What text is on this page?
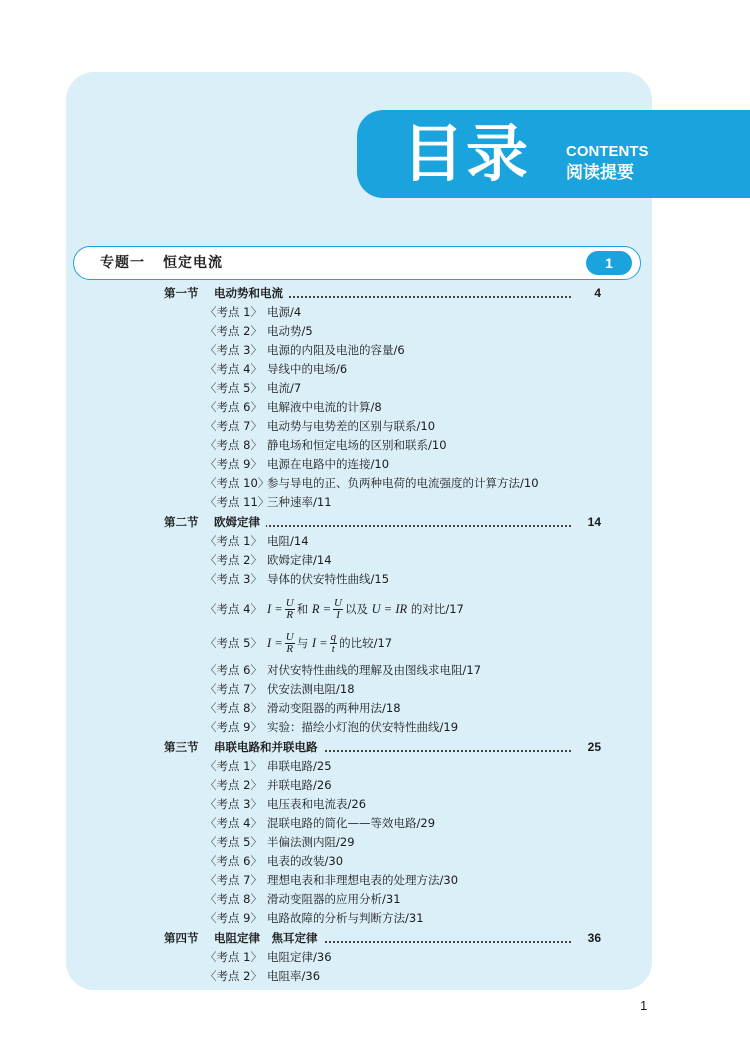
目录 CONTENTS
阅读提要
专题一 恒定电流	1
第一节 电动势和电流	4
〈考点 1〉 电源/4
〈考点 2〉 电动势/5
〈考点 3〉 电源的内阻及电池的容量/6
〈考点 4〉 导线中的电场/6
〈考点 5〉 电流/7
〈考点 6〉 电解液中电流的计算/8
〈考点 7〉 电动势与电势差的区别与联系/10
〈考点 8〉 静电场和恒定电场的区别和联系/10
〈考点 9〉 电源在电路中的连接/10
〈考点 10〉参与导电的正、负两种电荷的电流强度的计算方法/10
〈考点 11〉三种速率/11
第二节 欧姆定律	14
〈考点 1〉 电阻/14
〈考点 2〉 欧姆定律/14
〈考点 3〉 导体的伏安特性曲线/15
〈考点 4〉 $I = \frac{U}{R}$ 和 $R = \frac{U}{I}$ 以及 U = IR 的对比/17
〈考点 5〉 $I = \frac{U}{R}$ 与 $I = \frac{q}{t}$ 的比较/17
〈考点 6〉 对伏安特性曲线的理解及由图线求电阻/17
〈考点 7〉 伏安法测电阻/18
〈考点 8〉 滑动变阻器的两种用法/18
〈考点 9〉 实验：描绘小灯泡的伏安特性曲线/19
第三节 串联电路和并联电路	25
〈考点 1〉 串联电路/25
〈考点 2〉 并联电路/26
〈考点 3〉 电压表和电流表/26
〈考点 4〉 混联电路的简化——等效电路/29
〈考点 5〉 半偏法测内阻/29
〈考点 6〉 电表的改装/30
〈考点 7〉 理想电表和非理想电表的处理方法/30
〈考点 8〉 滑动变阻器的应用分析/31
〈考点 9〉 电路故障的分析与判断方法/31
第四节 电阻定律　焦耳定律	36
〈考点 1〉 电阻定律/36
〈考点 2〉 电阻率/36
1
